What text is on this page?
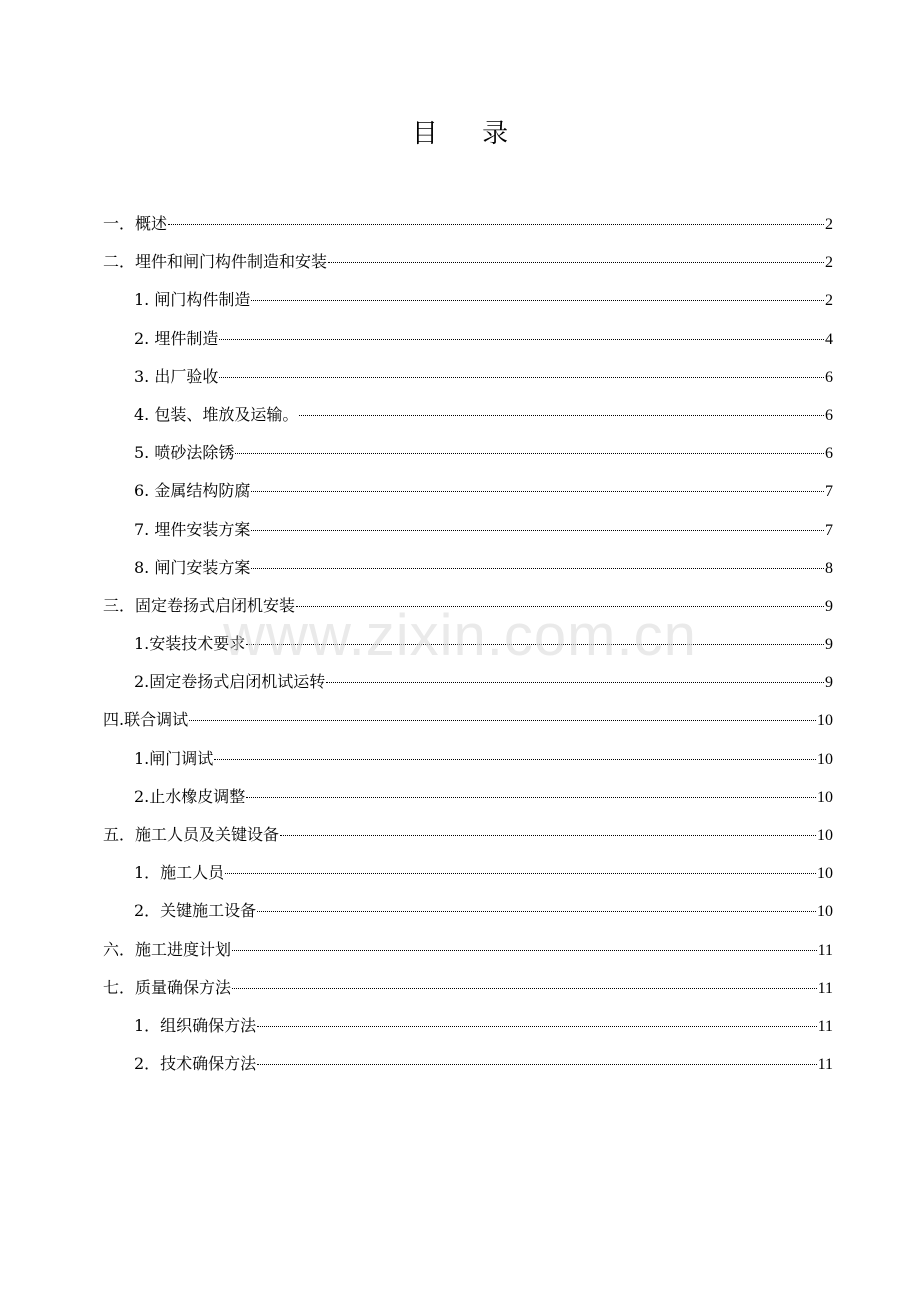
目 录
一．概述	2
二．埋件和闸门构件制造和安装	2
1. 闸门构件制造	2
2. 埋件制造	4
3. 出厂验收	6
4. 包装、堆放及运输。	6
5. 喷砂法除锈	6
6. 金属结构防腐	7
7. 埋件安装方案	7
8. 闸门安装方案	8
三．固定卷扬式启闭机安装	9
1.安装技术要求	9
2.固定卷扬式启闭机试运转	9
四.联合调试	10
1.闸门调试	10
2.止水橡皮调整	10
五．施工人员及关键设备	10
1．施工人员	10
2．关键施工设备	10
六．施工进度计划	11
七．质量确保方法	11
1．组织确保方法	11
2．技术确保方法	11
www.zixin.com.cn
